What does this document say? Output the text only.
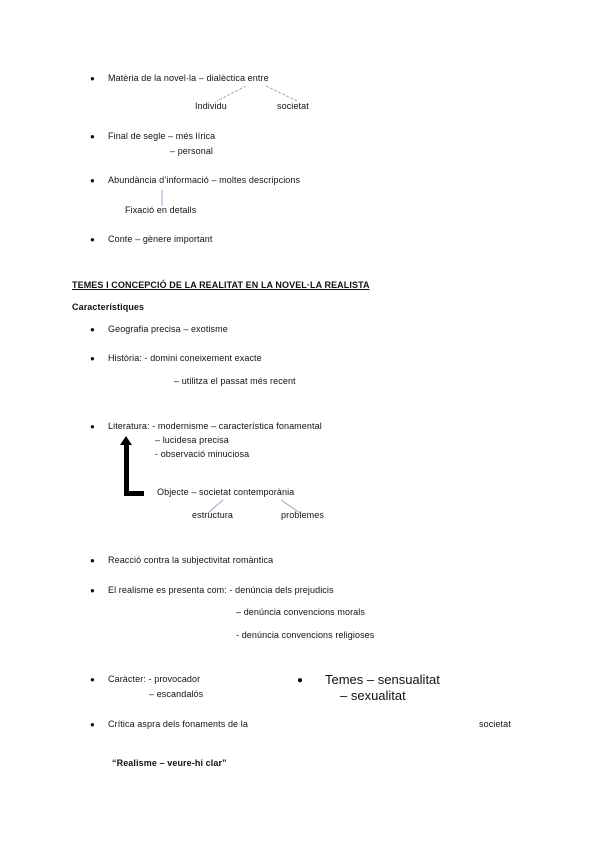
● Matèria de la novel·la – dialèctica entre
Individu	societat
● Final de segle – més lírica
– personal
● Abundància d’informació – moltes descripcions
Fixació en detalls
● Conte – gènere important
TEMES I CONCEPCIÓ DE LA REALITAT EN LA NOVEL·LA REALISTA
Característiques
● Geografia precisa – exotisme
● Història: - domini coneixement exacte
– utilitza el passat més recent
● Literatura: - modernisme – característica fonamental
– lucidesa precisa
- observació minuciosa
Objecte – societat contemporània
estructura	problemes
● Reacció contra la subjectivitat romàntica
● El realisme es presenta com: - denúncia dels prejudicis
– denúncia convencions morals
- denúncia convencions religioses
● Caràcter: - provocador
– escandalós
● Temes – sensualitat
– sexualitat
● Crítica aspra dels fonaments de la	societat
“Realisme – veure-hi clar”
